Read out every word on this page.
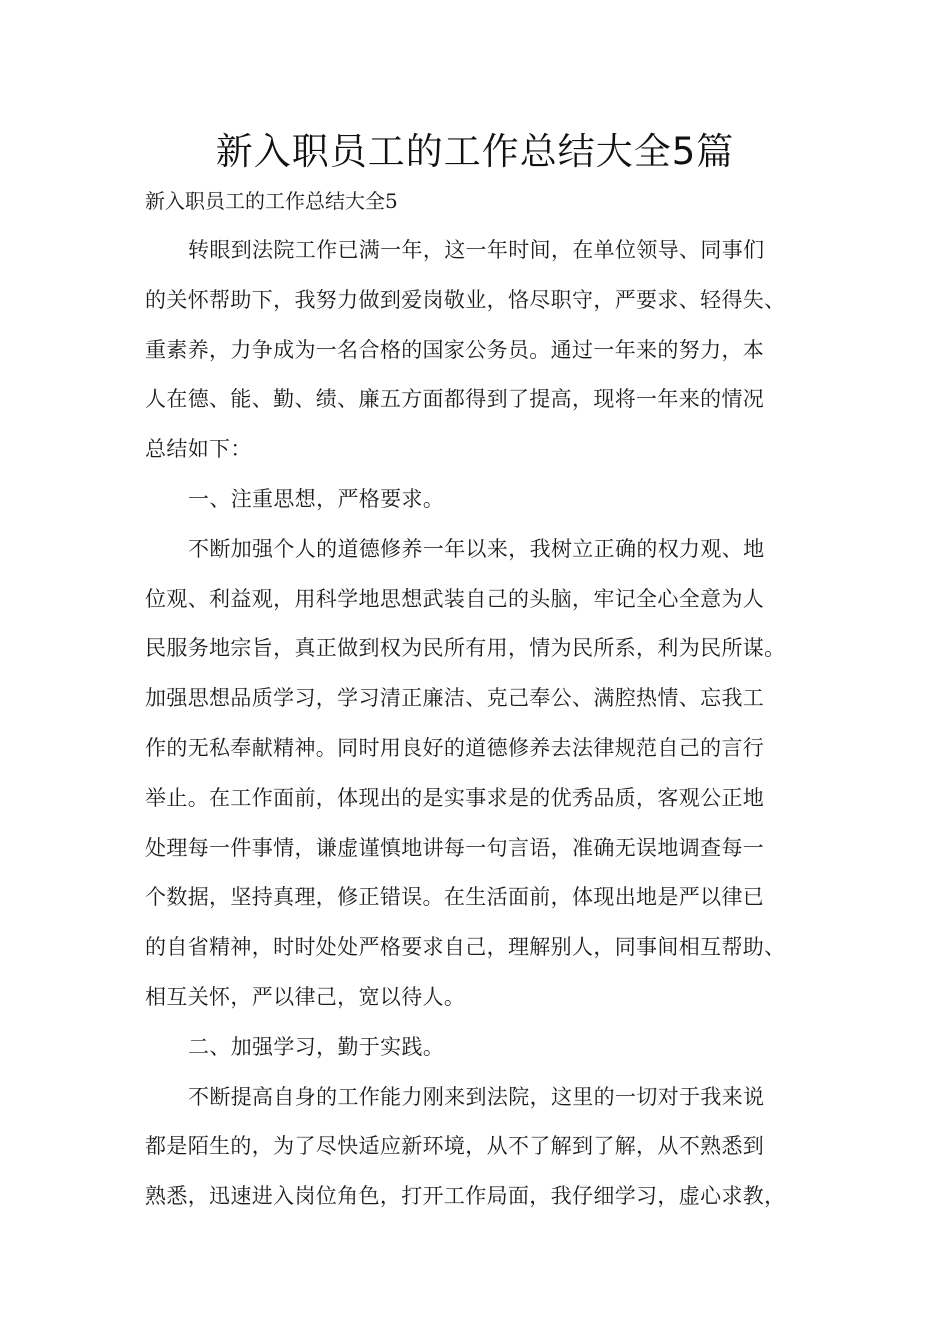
新入职员工的工作总结大全5篇
新入职员工的工作总结大全5
转眼到法院工作已满一年，这一年时间，在单位领导、同事们
的关怀帮助下，我努力做到爱岗敬业，恪尽职守，严要求、轻得失、
重素养，力争成为一名合格的国家公务员。通过一年来的努力，本
人在德、能、勤、绩、廉五方面都得到了提高，现将一年来的情况
总结如下：
一、注重思想，严格要求。
不断加强个人的道德修养一年以来，我树立正确的权力观、地
位观、利益观，用科学地思想武装自己的头脑，牢记全心全意为人
民服务地宗旨，真正做到权为民所有用，情为民所系，利为民所谋。
加强思想品质学习，学习清正廉洁、克己奉公、满腔热情、忘我工
作的无私奉献精神。同时用良好的道德修养去法律规范自己的言行
举止。在工作面前，体现出的是实事求是的优秀品质，客观公正地
处理每一件事情，谦虚谨慎地讲每一句言语，准确无误地调查每一
个数据，坚持真理，修正错误。在生活面前，体现出地是严以律已
的自省精神，时时处处严格要求自己，理解别人，同事间相互帮助、
相互关怀，严以律己，宽以待人。
二、加强学习，勤于实践。
不断提高自身的工作能力刚来到法院，这里的一切对于我来说
都是陌生的，为了尽快适应新环境，从不了解到了解，从不熟悉到
熟悉，迅速进入岗位角色，打开工作局面，我仔细学习，虚心求教，
